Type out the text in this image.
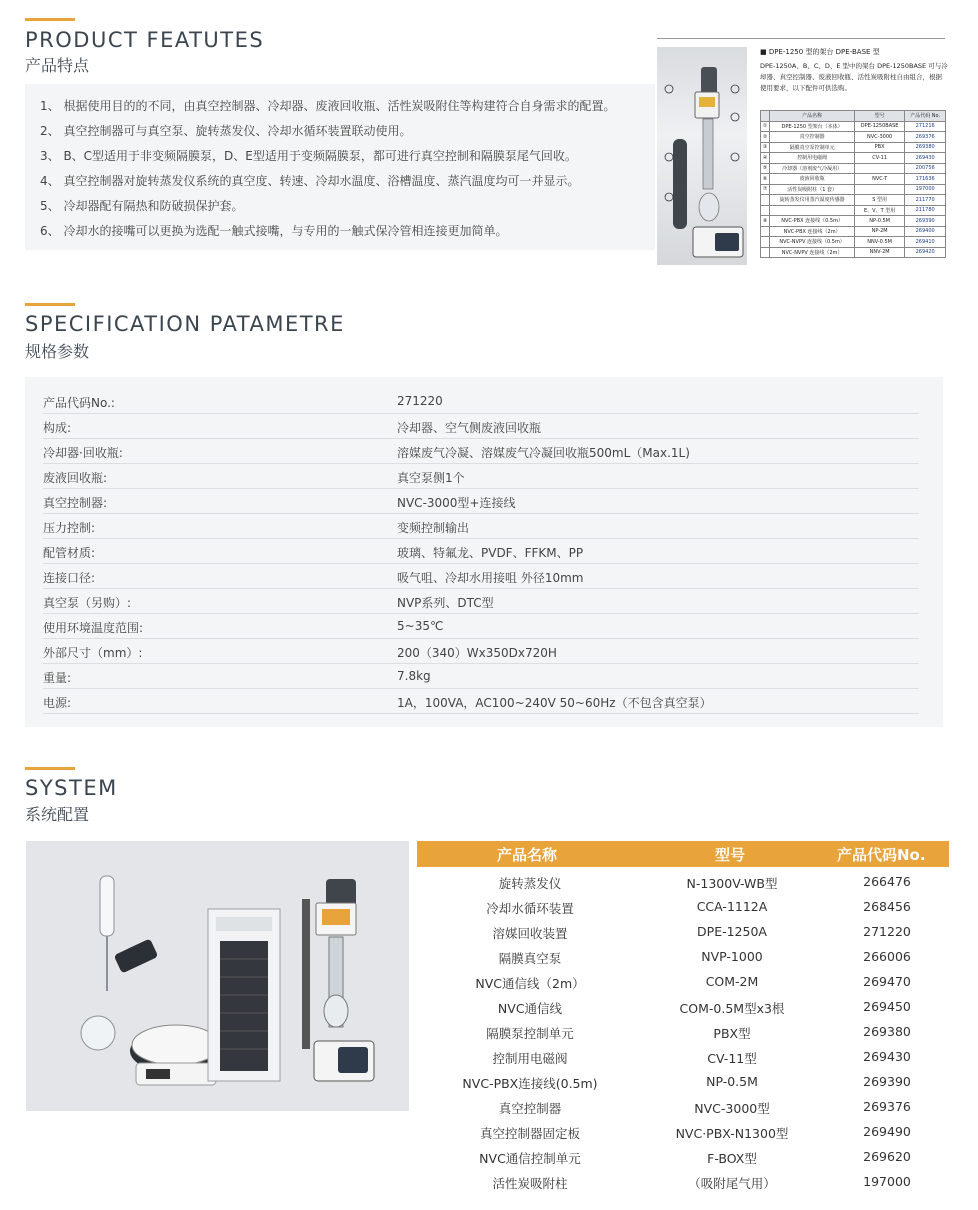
PRODUCT FEATUTES
产品特点
1、 根据使用目的的不同，由真空控制器、冷却器、废液回收瓶、活性炭吸附住等构建符合自身需求的配置。
2、 真空控制器可与真空泵、旋转蒸发仪、冷却水循环装置联动使用。
3、 B、C型适用于非变频隔膜泵，D、E型适用于变频隔膜泵，都可进行真空控制和隔膜泵尾气回收。
4、 真空控制器对旋转蒸发仪系统的真空度、转速、冷却水温度、浴槽温度、蒸汽温度均可一并显示。
5、 冷却器配有隔热和防破损保护套。
6、 冷却水的接嘴可以更换为选配一触式接嘴，与专用的一触式保冷管相连接更加简单。
■ DPE-1250 型的架台 DPE-BASE 型
DPE-1250A、B、C、D、E 型中的架台 DPE-1250BASE 可与冷却器、真空控制器、废液回收瓶、活性炭吸附柱自由组合，根据使用要求，以下配件可供选购。
	产品名称	型号	产品代码 No.
①	DPE-1250 型架台（本体）	DPE-1250BASE	271216
②	真空控制器	NVC-3000	269376
③	隔膜真空泵控制单元	PBX	269380
④	控制用电磁阀	CV-11	269430
⑤	冷却器（溶剂废气冷凝用）		200756
⑥	废液回收瓶	NVC-T	171636
⑦	活性炭吸附柱（1 套）		197000
	旋转蒸发仪用蒸汽温度传感器	S 型用	211770
		E、V、T 型用	211780
⑧	NVC-PBX 连接线（0.5m）	NP-0.5M	269390
	NVC-PBX 连接线（2m）	NP-2M	269400
	NVC-NVPV 连接线（0.5m）	NNV-0.5M	269410
	NVC-NVPV 连接线（2m）	NNV-2M	269420
SPECIFICATION PATAMETRE
规格参数
产品代码No.:	271220
构成:	冷却器、空气侧废液回收瓶
冷却器·回收瓶:	溶媒废气冷凝、溶媒废气冷凝回收瓶500mL（Max.1L)
废液回收瓶:	真空泵侧1个
真空控制器:	NVC-3000型+连接线
压力控制:	变频控制输出
配管材质:	玻璃、特氟龙、PVDF、FFKM、PP
连接口径:	吸气咀、冷却水用接咀 外径10mm
真空泵（另购）:	NVP系列、DTC型
使用环境温度范围:	5~35℃
外部尺寸（mm）:	200（340）Wx350Dx720H
重量:	7.8kg
电源:	1A，100VA，AC100~240V 50~60Hz（不包含真空泵）
SYSTEM
系统配置
产品名称	型号	产品代码No.
旋转蒸发仪	N-1300V-WB型	266476
冷却水循环装置	CCA-1112A	268456
溶媒回收装置	DPE-1250A	271220
隔膜真空泵	NVP-1000	266006
NVC通信线（2m）	COM-2M	269470
NVC通信线	COM-0.5M型x3根	269450
隔膜泵控制单元	PBX型	269380
控制用电磁阀	CV-11型	269430
NVC-PBX连接线(0.5m)	NP-0.5M	269390
真空控制器	NVC-3000型	269376
真空控制器固定板	NVC·PBX-N1300型	269490
NVC通信控制单元	F-BOX型	269620
活性炭吸附柱	（吸附尾气用）	197000
